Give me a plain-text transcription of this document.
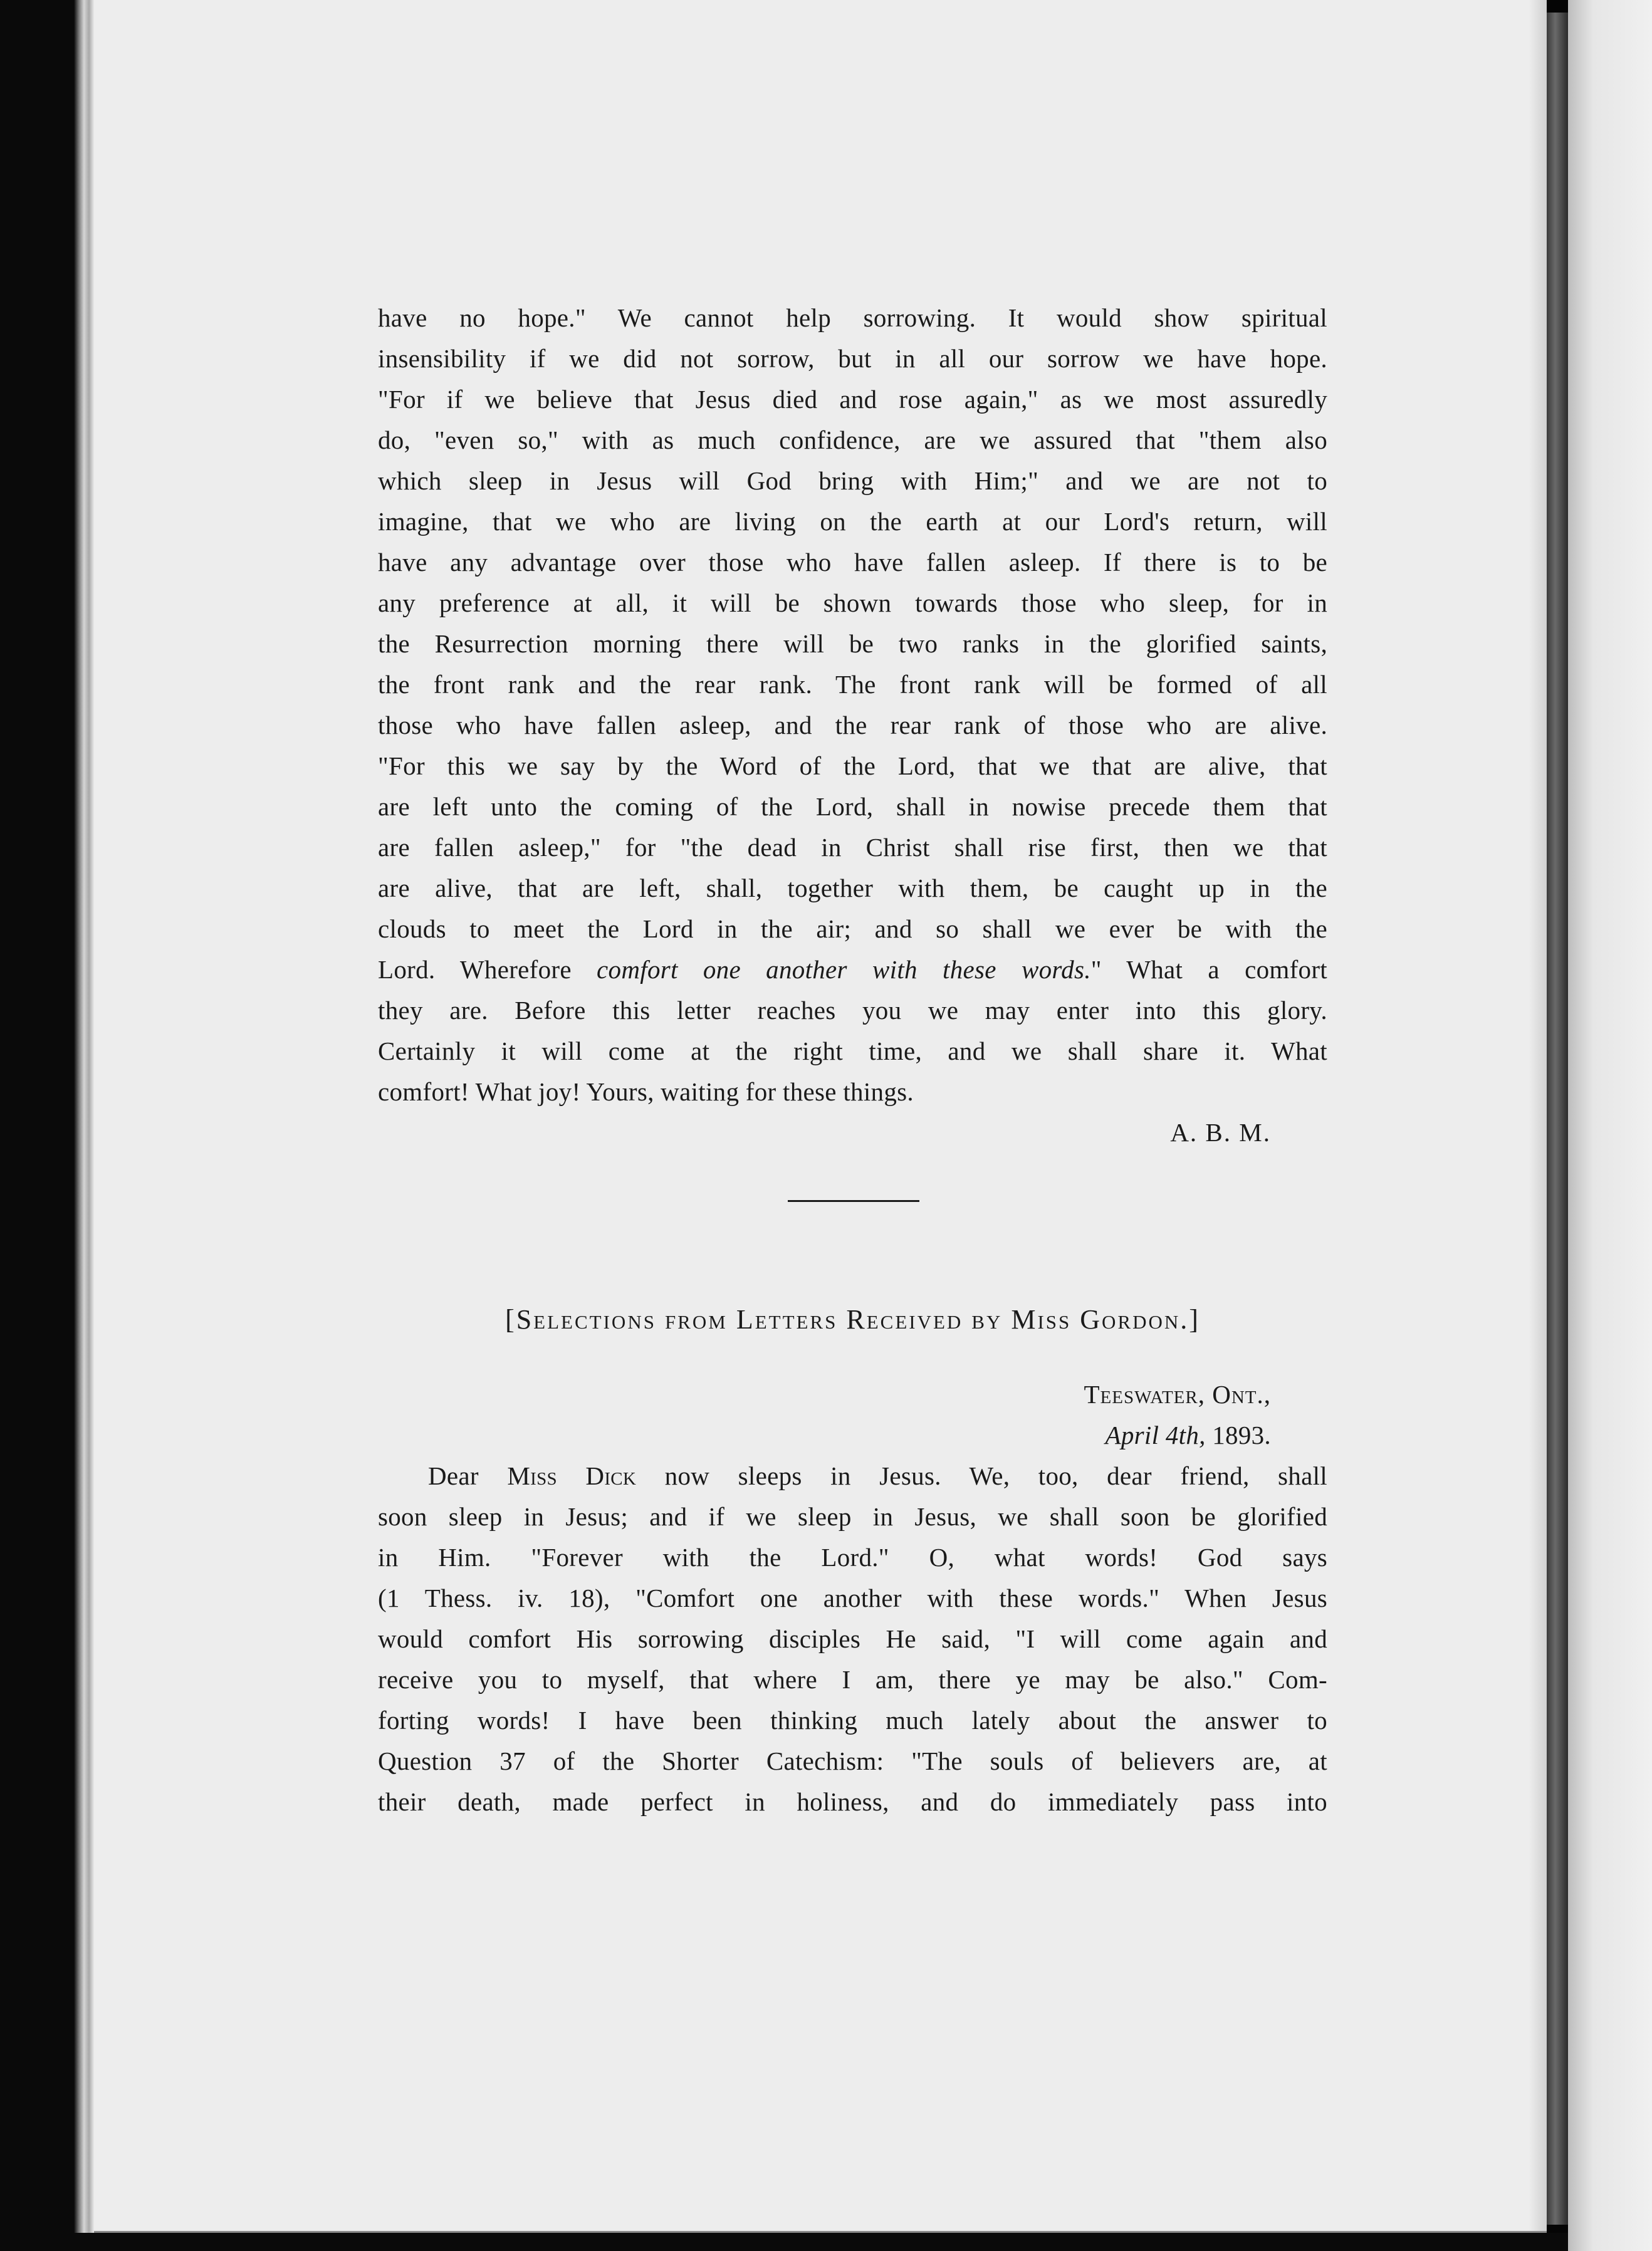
have no hope." We cannot help sorrowing. It would show spiritual
insensibility if we did not sorrow, but in all our sorrow we have hope.
"For if we believe that Jesus died and rose again," as we most assuredly
do, "even so," with as much confidence, are we assured that "them also
which sleep in Jesus will God bring with Him;" and we are not to
imagine, that we who are living on the earth at our Lord's return, will
have any advantage over those who have fallen asleep. If there is to be
any preference at all, it will be shown towards those who sleep, for in
the Resurrection morning there will be two ranks in the glorified saints,
the front rank and the rear rank. The front rank will be formed of all
those who have fallen asleep, and the rear rank of those who are alive.
"For this we say by the Word of the Lord, that we that are alive, that
are left unto the coming of the Lord, shall in nowise precede them that
are fallen asleep," for "the dead in Christ shall rise first, then we that
are alive, that are left, shall, together with them, be caught up in the
clouds to meet the Lord in the air; and so shall we ever be with the
Lord. Wherefore comfort one another with these words." What a comfort
they are. Before this letter reaches you we may enter into this glory.
Certainly it will come at the right time, and we shall share it. What
comfort! What joy! Yours, waiting for these things.
A. B. M.
[Selections from Letters Received by Miss Gordon.]
Teeswater, Ont.,
April 4th, 1893.
Dear Miss Dick now sleeps in Jesus. We, too, dear friend, shall
soon sleep in Jesus; and if we sleep in Jesus, we shall soon be glorified
in Him. "Forever with the Lord." O, what words! God says
(1 Thess. iv. 18), "Comfort one another with these words." When Jesus
would comfort His sorrowing disciples He said, "I will come again and
receive you to myself, that where I am, there ye may be also." Com-
forting words! I have been thinking much lately about the answer to
Question 37 of the Shorter Catechism: "The souls of believers are, at
their death, made perfect in holiness, and do immediately pass into
